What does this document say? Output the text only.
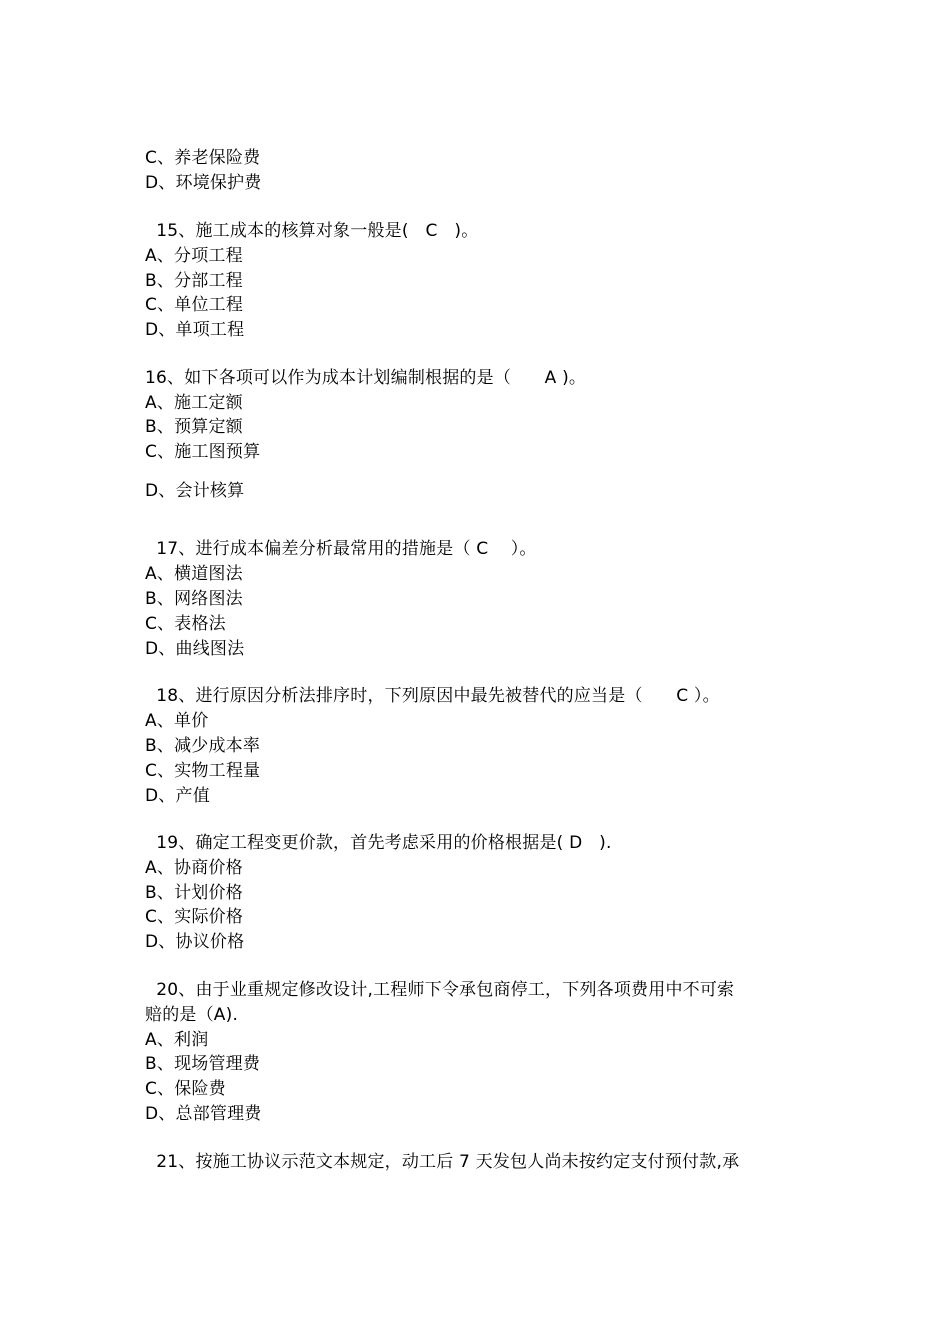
C、养老保险费
D、环境保护费
15、施工成本的核算对象一般是(   C   )。
A、分项工程
B、分部工程
C、单位工程
D、单项工程
16、如下各项可以作为成本计划编制根据的是（      A )。
A、施工定额
B、预算定额
C、施工图预算
D、会计核算
17、进行成本偏差分析最常用的措施是（ C    ）。
A、横道图法
B、网络图法
C、表格法
D、曲线图法
18、进行原因分析法排序时，下列原因中最先被替代的应当是（      C ）。
A、单价
B、减少成本率
C、实物工程量
D、产值
19、确定工程变更价款，首先考虑采用的价格根据是( D   ).
A、协商价格
B、计划价格
C、实际价格
D、协议价格
20、由于业重规定修改设计,工程师下令承包商停工，下列各项费用中不可索
赔的是（A).
A、利润
B、现场管理费
C、保险费
D、总部管理费
21、按施工协议示范文本规定，动工后 7 天发包人尚未按约定支付预付款,承
